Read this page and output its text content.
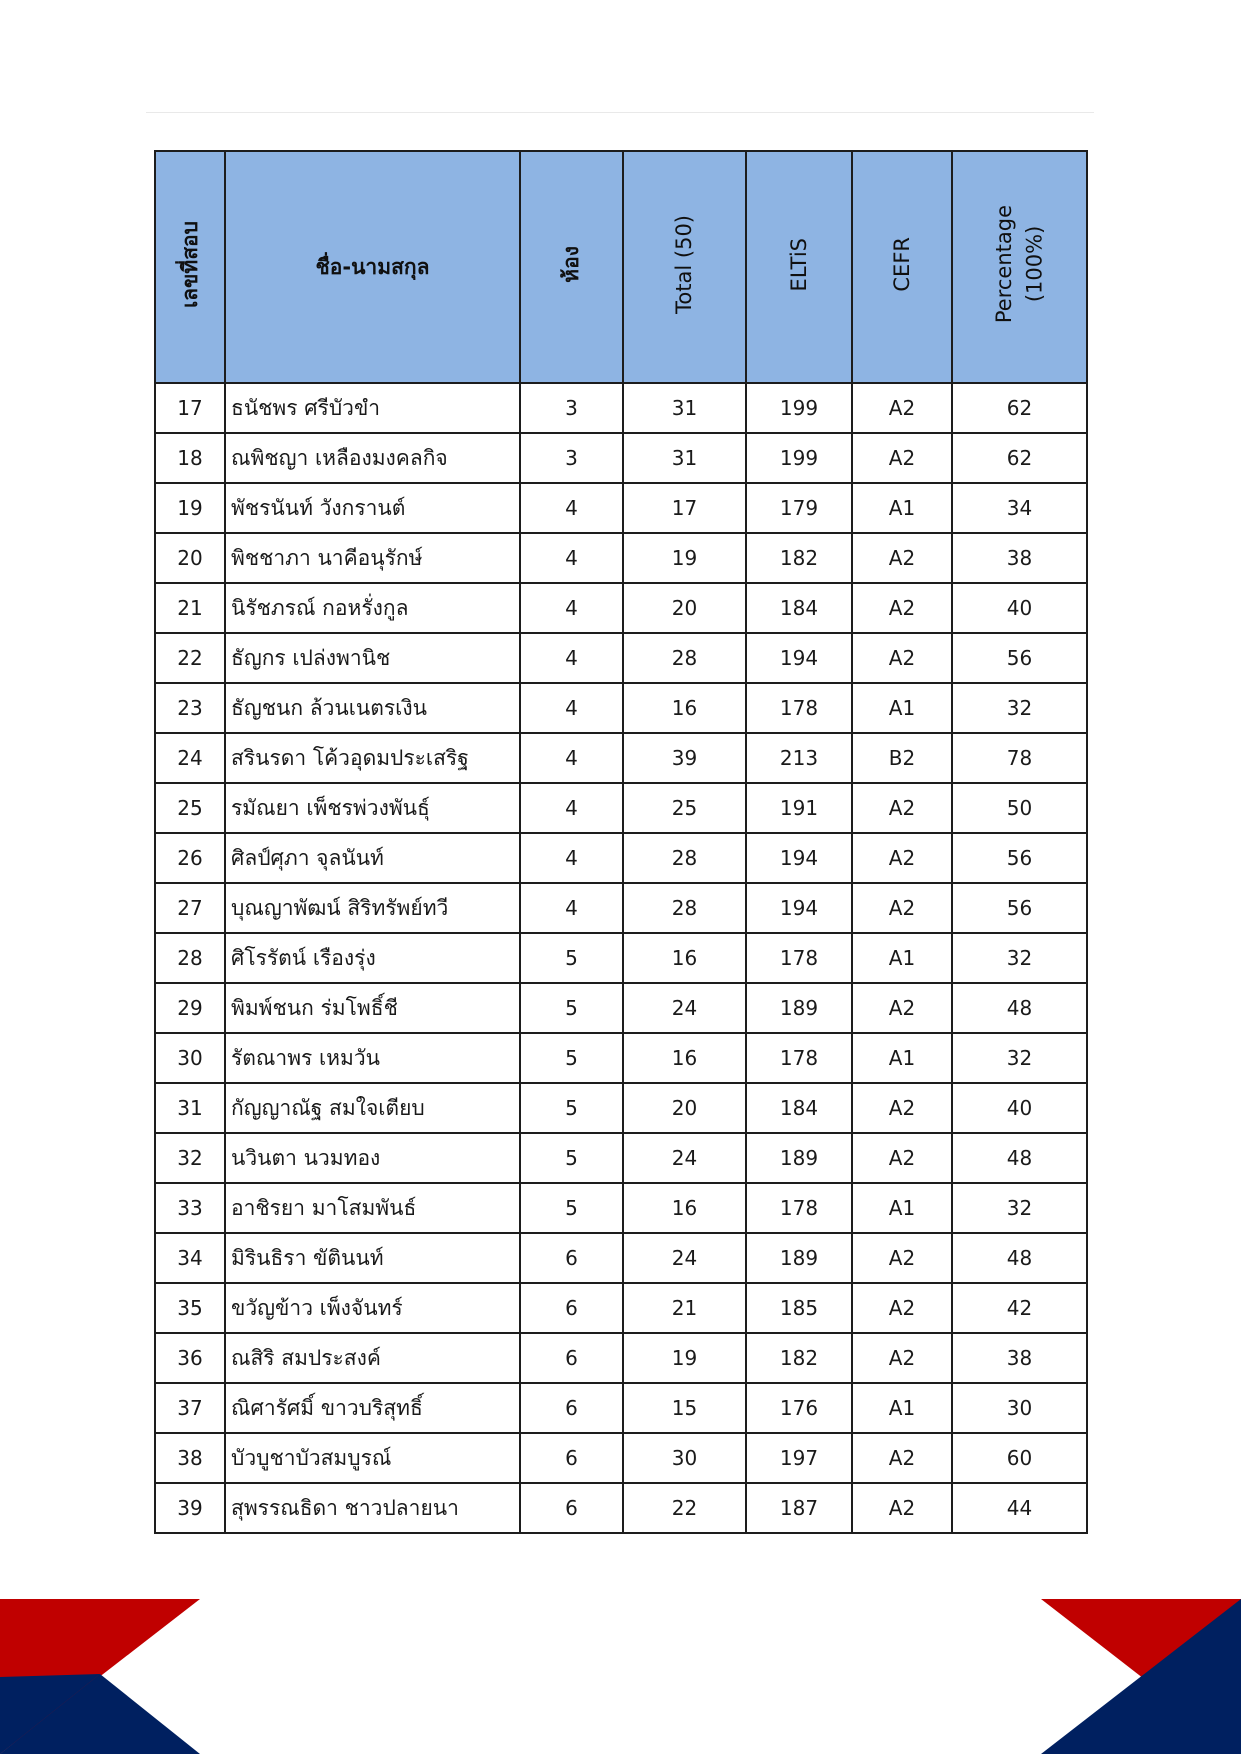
เลขที่สอบ	ชื่อ-นามสกุล	ห้อง	Total (50)	ELTiS	CEFR	Percentage
(100%)
17	ธนัชพร ศรีบัวขำ	3	31	199	A2	62
18	ณพิชญา เหลืองมงคลกิจ	3	31	199	A2	62
19	พัชรนันท์ วังกรานต์	4	17	179	A1	34
20	พิชชาภา นาคีอนุรักษ์	4	19	182	A2	38
21	นิรัชภรณ์ กอหรั่งกูล	4	20	184	A2	40
22	ธัญกร เปล่งพานิช	4	28	194	A2	56
23	ธัญชนก ล้วนเนตรเงิน	4	16	178	A1	32
24	สรินรดา โค้วอุดมประเสริฐ	4	39	213	B2	78
25	รมัณยา เพ็ชรพ่วงพันธุ์	4	25	191	A2	50
26	ศิลป์ศุภา จุลนันท์	4	28	194	A2	56
27	บุณญาพัฒน์ สิริทรัพย์ทวี	4	28	194	A2	56
28	ศิโรรัตน์ เรืองรุ่ง	5	16	178	A1	32
29	พิมพ์ชนก ร่มโพธิ์ชี	5	24	189	A2	48
30	รัตณาพร เหมวัน	5	16	178	A1	32
31	กัญญาณัฐ สมใจเตียบ	5	20	184	A2	40
32	นวินตา นวมทอง	5	24	189	A2	48
33	อาชิรยา มาโสมพันธ์	5	16	178	A1	32
34	มิรินธิรา ขัตินนท์	6	24	189	A2	48
35	ขวัญข้าว เพ็งจันทร์	6	21	185	A2	42
36	ณสิริ สมประสงค์	6	19	182	A2	38
37	ณิศารัศมิ์ ขาวบริสุทธิ์	6	15	176	A1	30
38	บัวบูชาบัวสมบูรณ์	6	30	197	A2	60
39	สุพรรณธิดา ชาวปลายนา	6	22	187	A2	44
